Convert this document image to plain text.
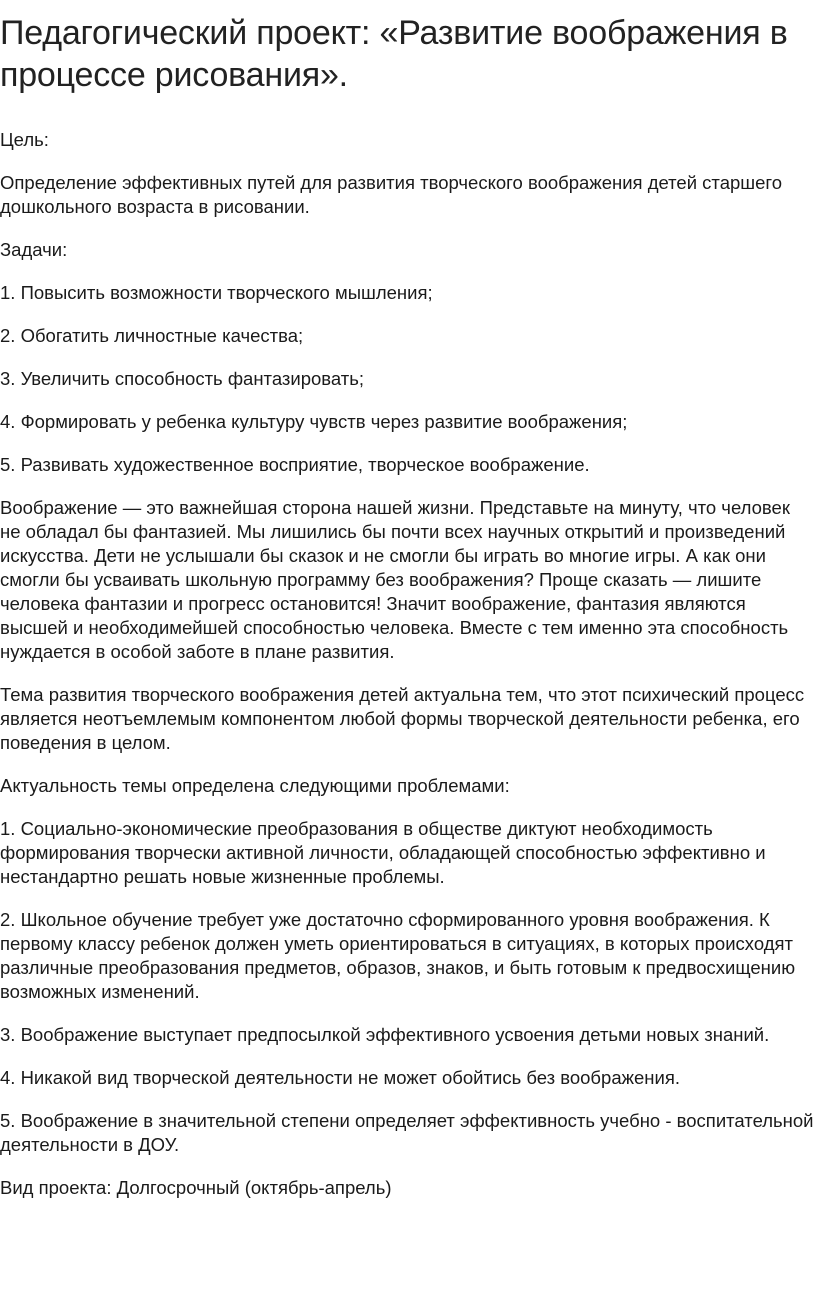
Педагогический проект: «Развитие воображения в процессе рисования».

Цель:

Определение эффективных путей для развития творческого воображения детей старшего дошкольного возраста в рисовании.

Задачи:

1. Повысить возможности творческого мышления;

2. Обогатить личностные качества;

3. Увеличить способность фантазировать;

4. Формировать у ребенка культуру чувств через развитие воображения;

5. Развивать художественное восприятие, творческое воображение.

Воображение — это важнейшая сторона нашей жизни. Представьте на минуту, что человек не обладал бы фантазией. Мы лишились бы почти всех научных открытий и произведений искусства. Дети не услышали бы сказок и не смогли бы играть во многие игры. А как они смогли бы усваивать школьную программу без воображения? Проще сказать — лишите человека фантазии и прогресс остановится! Значит воображение, фантазия являются высшей и необходимейшей способностью человека. Вместе с тем именно эта способность нуждается в особой заботе в плане развития.

Тема развития творческого воображения детей актуальна тем, что этот психический процесс является неотъемлемым компонентом любой формы творческой деятельности ребенка, его поведения в целом.

Актуальность темы определена следующими проблемами:

1. Социально-экономические преобразования в обществе диктуют необходимость формирования творчески активной личности, обладающей способностью эффективно и нестандартно решать новые жизненные проблемы.

2. Школьное обучение требует уже достаточно сформированного уровня воображения. К первому классу ребенок должен уметь ориентироваться в ситуациях, в которых происходят различные преобразования предметов, образов, знаков, и быть готовым к предвосхищению возможных изменений.

3. Воображение выступает предпосылкой эффективного усвоения детьми новых знаний.

4. Никакой вид творческой деятельности не может обойтись без воображения.

5. Воображение в значительной степени определяет эффективность учебно - воспитательной деятельности в ДОУ.

Вид проекта: Долгосрочный (октябрь-апрель)
